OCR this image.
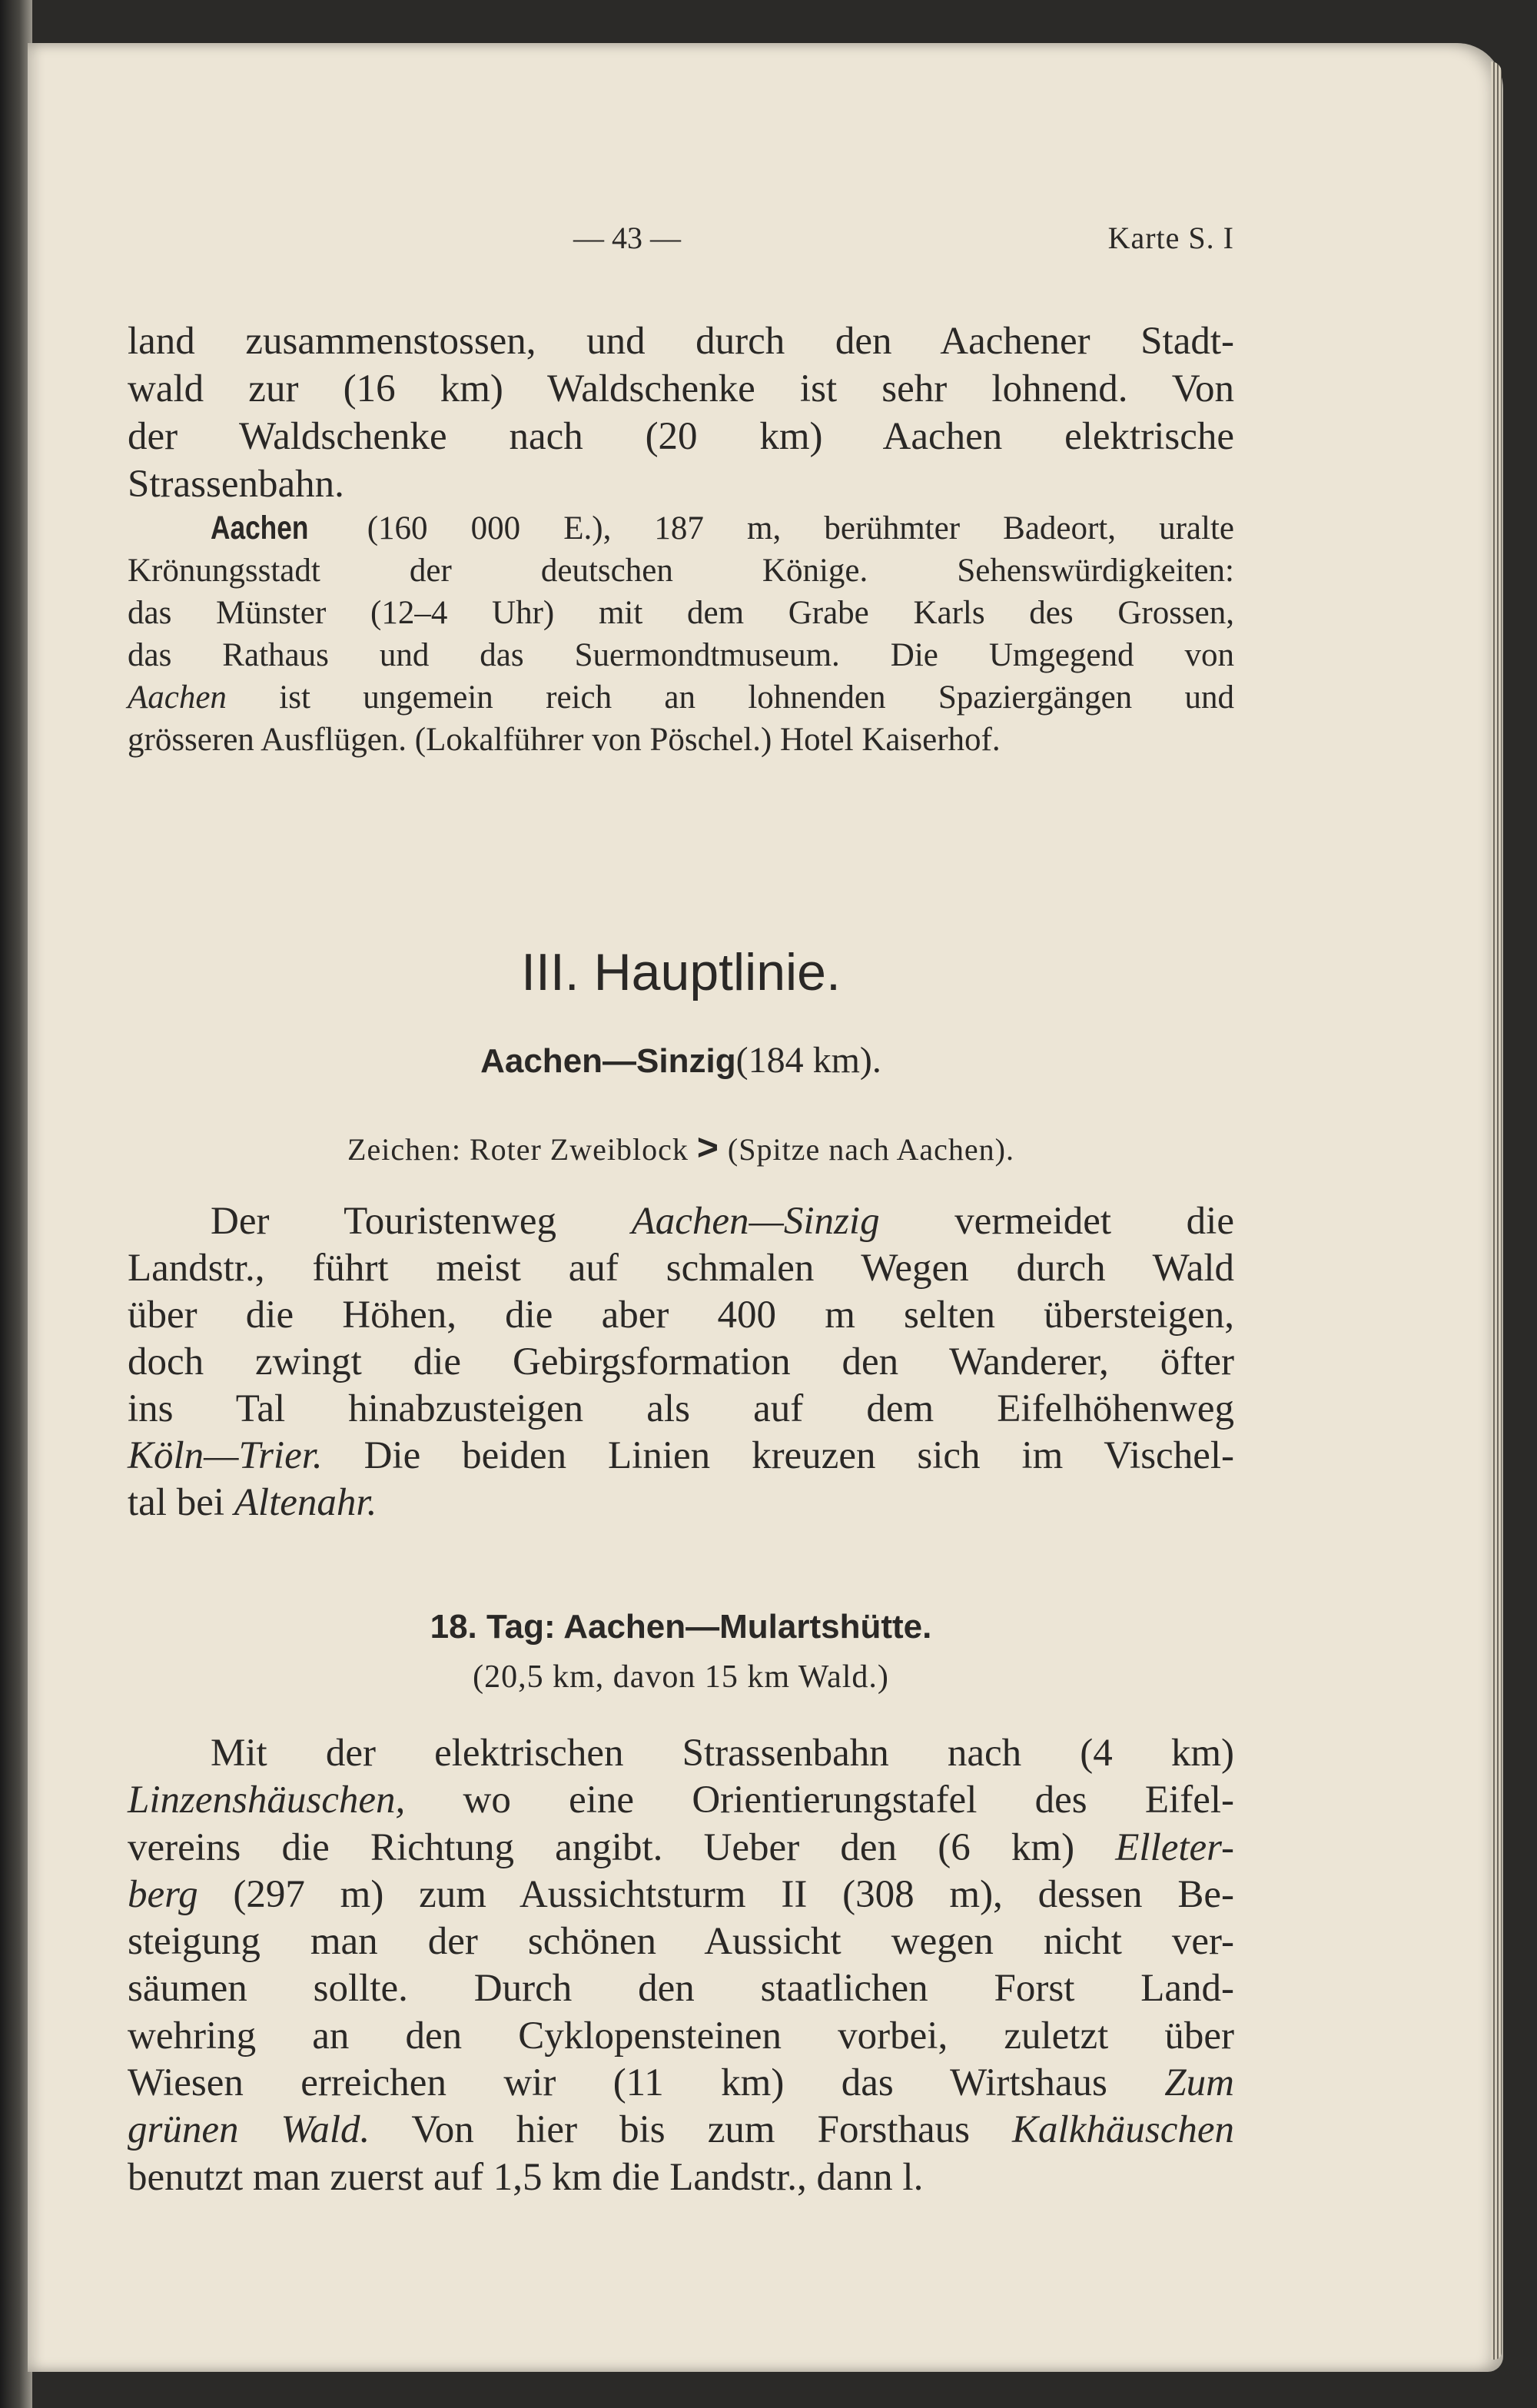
— 43 —	Karte S. I
land zusammenstossen, und durch den Aachener Stadt-
wald zur (16 km) Waldschenke ist sehr lohnend. Von
der Waldschenke nach (20 km) Aachen elektrische
Strassenbahn.
Aachen (160 000 E.), 187 m, berühmter Badeort, uralte
Krönungsstadt der deutschen Könige. Sehenswürdigkeiten:
das Münster (12–4 Uhr) mit dem Grabe Karls des Grossen,
das Rathaus und das Suermondtmuseum. Die Umgegend von
Aachen ist ungemein reich an lohnenden Spaziergängen und
grösseren Ausflügen. (Lokalführer von Pöschel.) Hotel Kaiserhof.
III. Hauptlinie.
Aachen—Sinzig(184 km).
Zeichen: Roter Zweiblock > (Spitze nach Aachen).
Der Touristenweg Aachen—Sinzig vermeidet die
Landstr., führt meist auf schmalen Wegen durch Wald
über die Höhen, die aber 400 m selten übersteigen,
doch zwingt die Gebirgsformation den Wanderer, öfter
ins Tal hinabzusteigen als auf dem Eifelhöhenweg
Köln—Trier. Die beiden Linien kreuzen sich im Vischel-
tal bei Altenahr.
18. Tag: Aachen—Mulartshütte.
(20,5 km, davon 15 km Wald.)
Mit der elektrischen Strassenbahn nach (4 km)
Linzenshäuschen, wo eine Orientierungstafel des Eifel-
vereins die Richtung angibt. Ueber den (6 km) Elleter-
berg (297 m) zum Aussichtsturm II (308 m), dessen Be-
steigung man der schönen Aussicht wegen nicht ver-
säumen sollte. Durch den staatlichen Forst Land-
wehring an den Cyklopensteinen vorbei, zuletzt über
Wiesen erreichen wir (11 km) das Wirtshaus Zum
grünen Wald. Von hier bis zum Forsthaus Kalkhäuschen
benutzt man zuerst auf 1,5 km die Landstr., dann l.
